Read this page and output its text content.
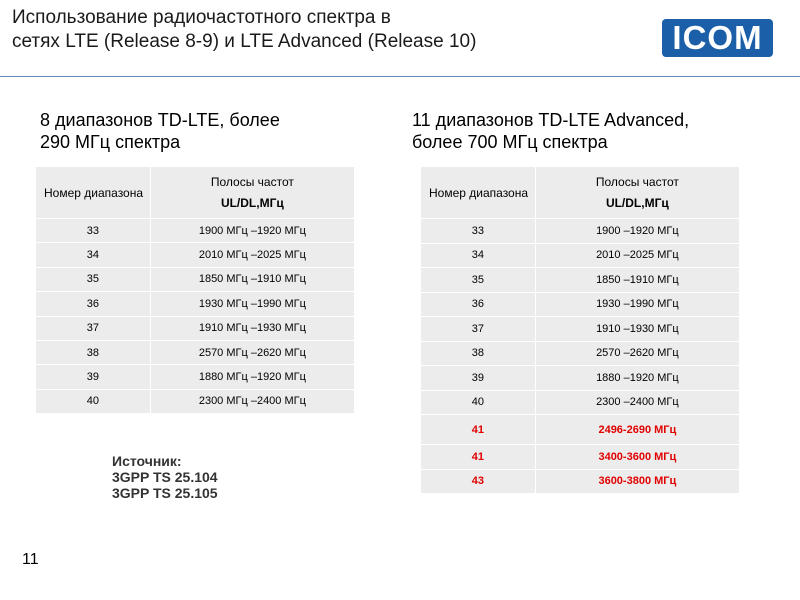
Использование радиочастотного спектра в
сетях LTE (Release 8-9) и LTE Advanced (Release 10)	ICOM
8 диапазонов TD-LTE, более
290 МГц спектра
11 диапазонов TD-LTE Advanced,
более 700 МГц спектра
Номер диапазона	Полосы частот
UL/DL,МГц

33	1900 МГц –1920 МГц
34	2010 МГц –2025 МГц
35	1850 МГц –1910 МГц
36	1930 МГц –1990 МГц
37	1910 МГц –1930 МГц
38	2570 МГц –2620 МГц
39	1880 МГц –1920 МГц
40	2300 МГц –2400 МГц
Номер диапазона	Полосы частот
UL/DL,МГц

33	1900 –1920 МГц
34	2010 –2025 МГц
35	1850 –1910 МГц
36	1930 –1990 МГц
37	1910 –1930 МГц
38	2570 –2620 МГц
39	1880 –1920 МГц
40	2300 –2400 МГц
41	2496-2690 МГц
41	3400-3600 МГц
43	3600-3800 МГц
Источник:
3GPP TS 25.104
3GPP TS 25.105
11
